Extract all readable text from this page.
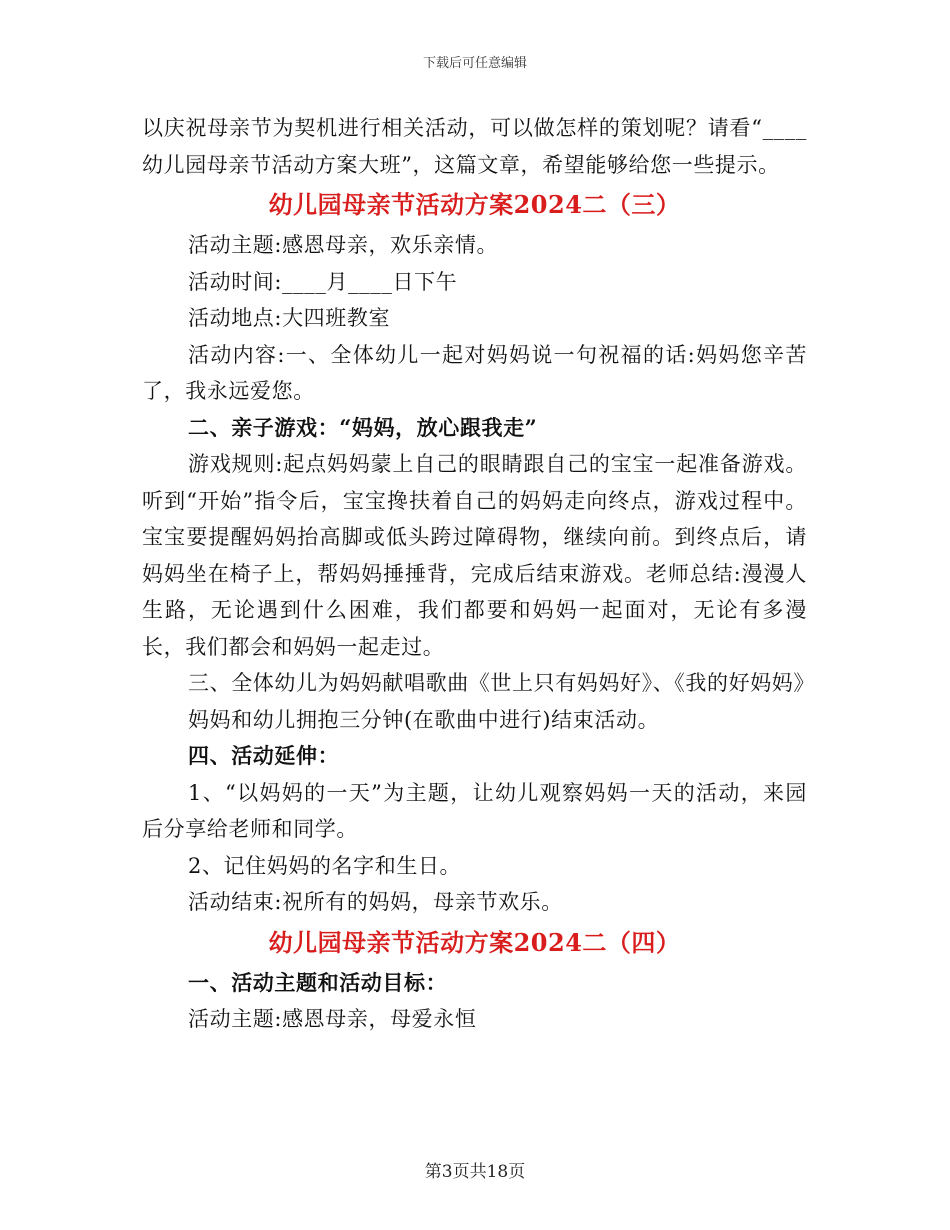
下载后可任意编辑

以庆祝母亲节为契机进行相关活动，可以做怎样的策划呢？请看“____幼儿园母亲节活动方案大班”，这篇文章，希望能够给您一些提示。

幼儿园母亲节活动方案2024二（三）

活动主题:感恩母亲，欢乐亲情。

活动时间:____月____日下午

活动地点:大四班教室

活动内容:一、全体幼儿一起对妈妈说一句祝福的话:妈妈您辛苦了，我永远爱您。

二、亲子游戏：“妈妈，放心跟我走”

游戏规则:起点妈妈蒙上自己的眼睛跟自己的宝宝一起准备游戏。听到“开始”指令后，宝宝搀扶着自己的妈妈走向终点，游戏过程中。宝宝要提醒妈妈抬高脚或低头跨过障碍物，继续向前。到终点后，请妈妈坐在椅子上，帮妈妈捶捶背，完成后结束游戏。老师总结:漫漫人生路，无论遇到什么困难，我们都要和妈妈一起面对，无论有多漫长，我们都会和妈妈一起走过。

三、全体幼儿为妈妈献唱歌曲《世上只有妈妈好》、《我的好妈妈》

妈妈和幼儿拥抱三分钟(在歌曲中进行)结束活动。

四、活动延伸：

1、“以妈妈的一天”为主题，让幼儿观察妈妈一天的活动，来园后分享给老师和同学。

2、记住妈妈的名字和生日。

活动结束:祝所有的妈妈，母亲节欢乐。

幼儿园母亲节活动方案2024二（四）

一、活动主题和活动目标：

活动主题:感恩母亲，母爱永恒

第3页共18页
